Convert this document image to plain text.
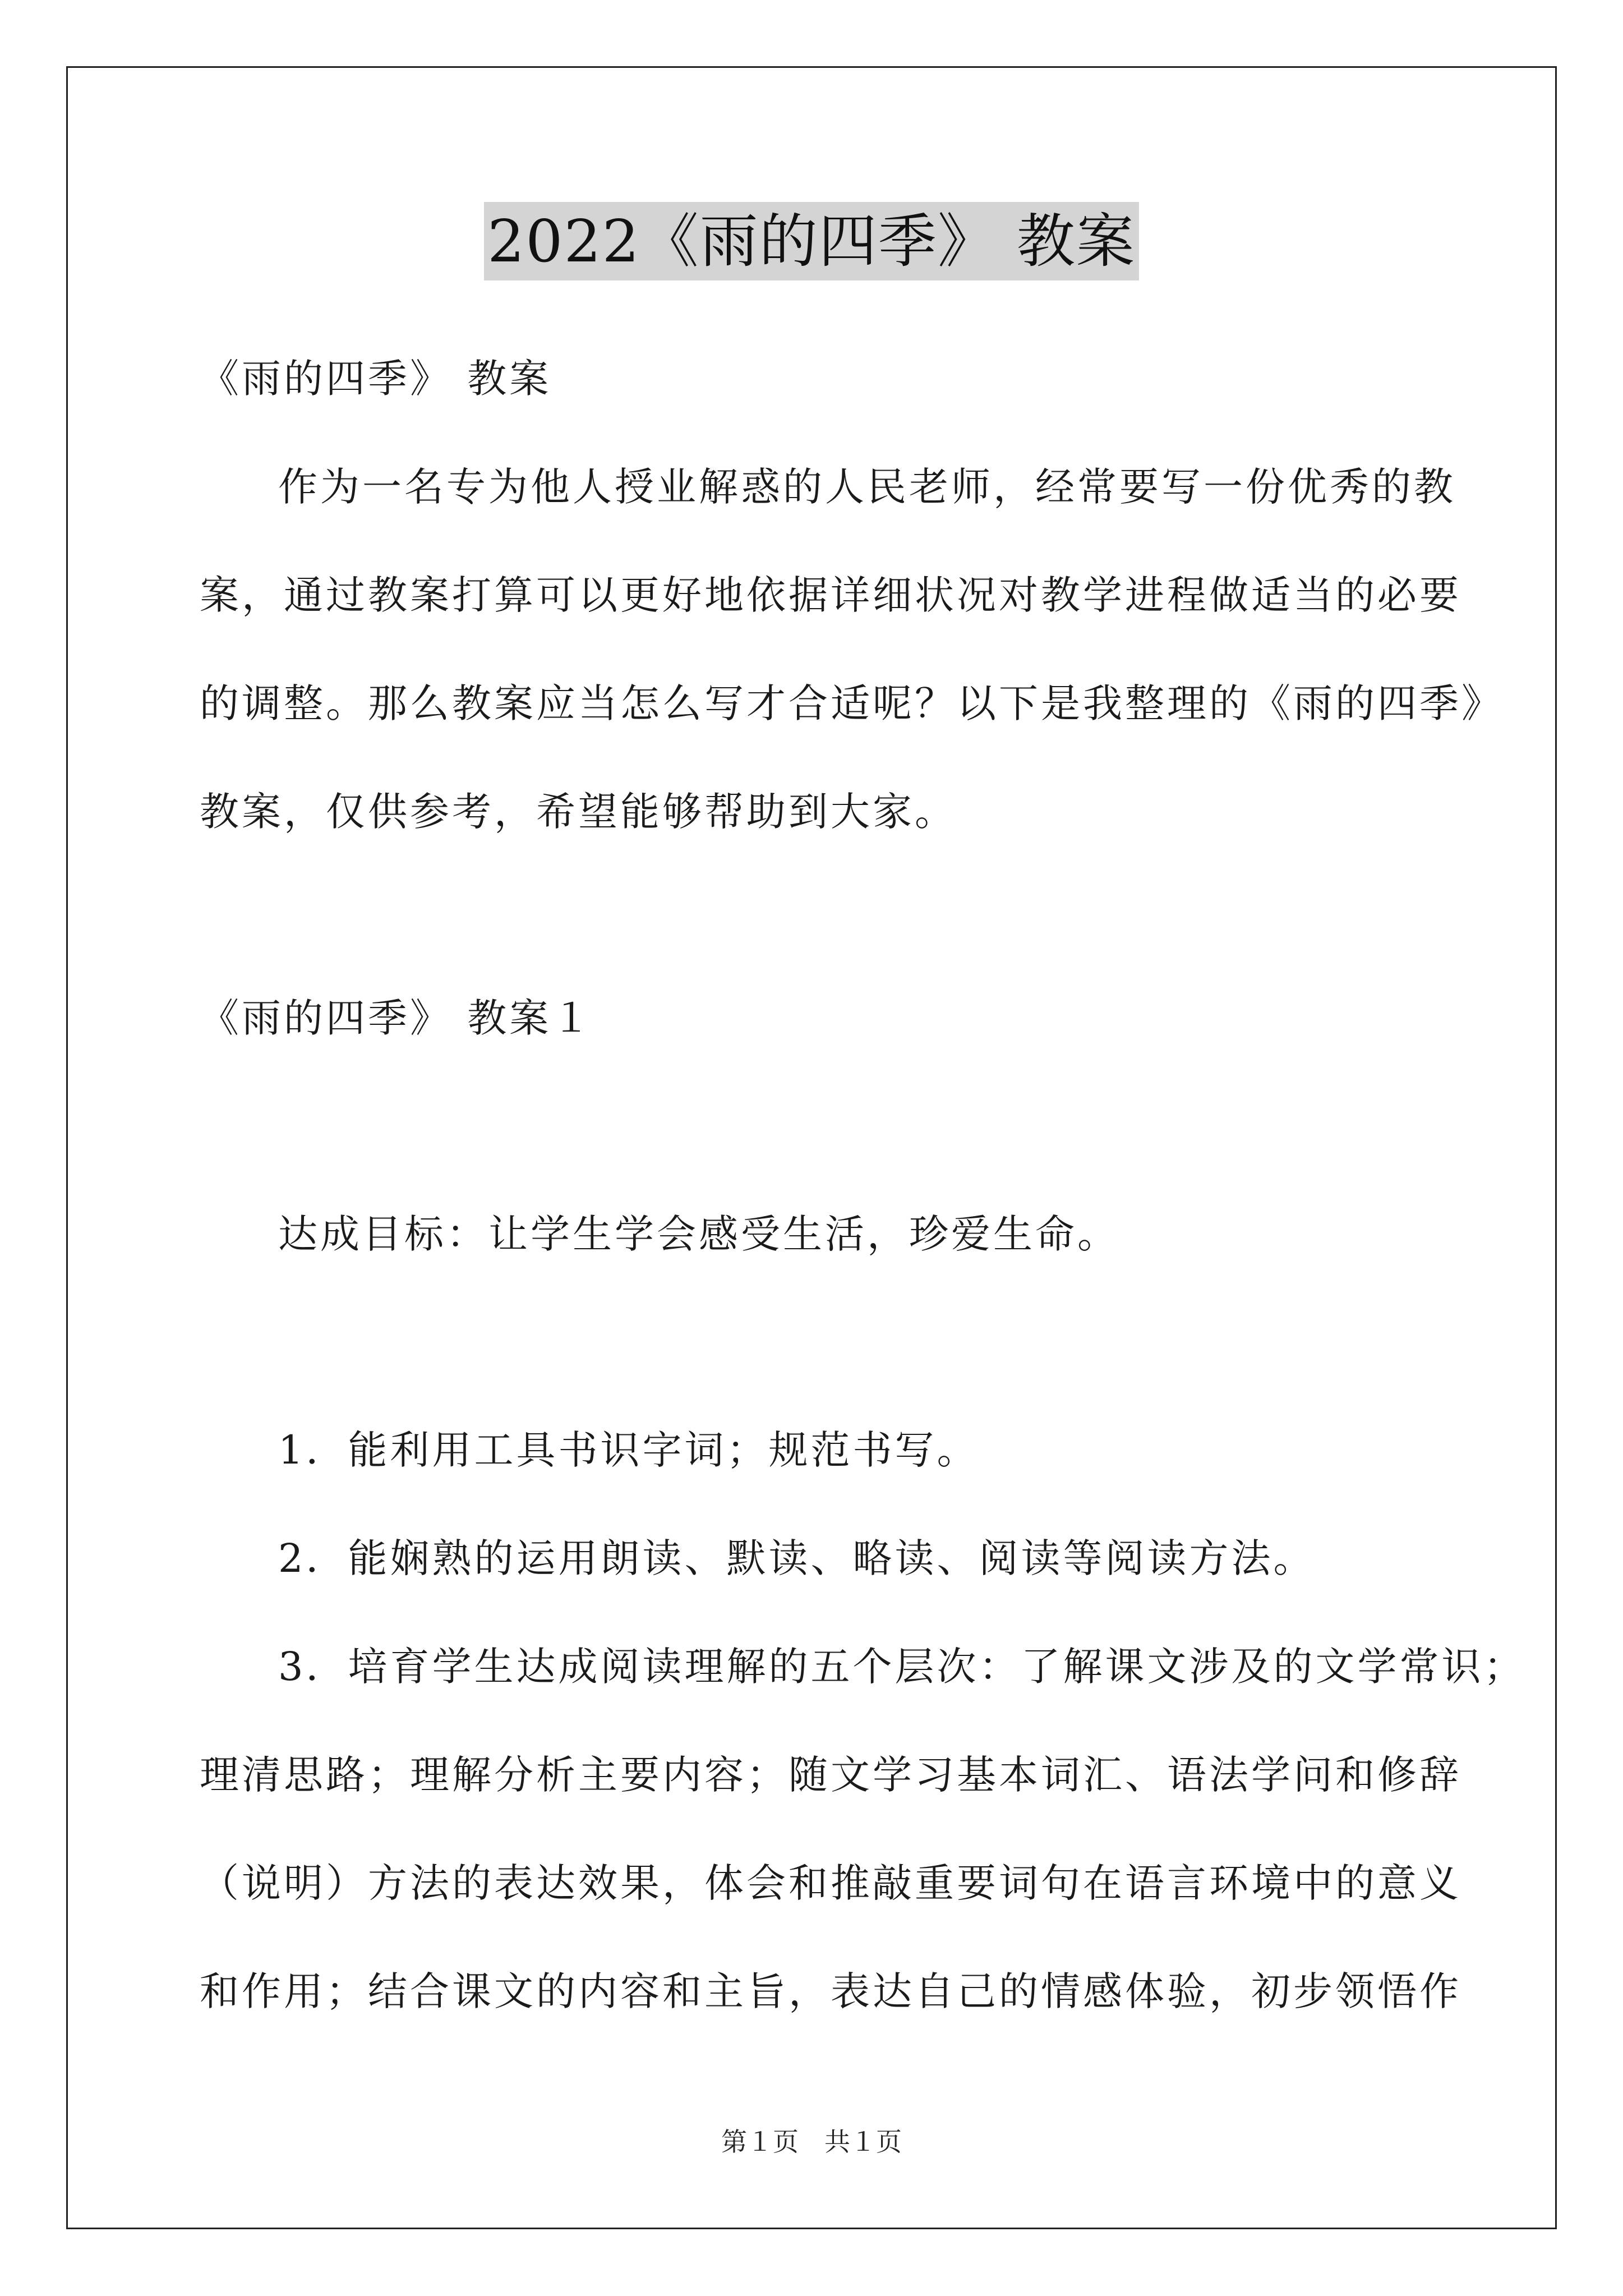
2022《雨的四季》 教案
《雨的四季》 教案
作为一名专为他人授业解惑的人民老师，经常要写一份优秀的教
案，通过教案打算可以更好地依据详细状况对教学进程做适当的必要
的调整。那么教案应当怎么写才合适呢？以下是我整理的《雨的四季》
教案，仅供参考，希望能够帮助到大家。
《雨的四季》 教案１
达成目标：让学生学会感受生活，珍爱生命。
1．能利用工具书识字词；规范书写。
2．能娴熟的运用朗读、默读、略读、阅读等阅读方法。
3．培育学生达成阅读理解的五个层次：了解课文涉及的文学常识；
理清思路；理解分析主要内容；随文学习基本词汇、语法学问和修辞
（说明）方法的表达效果，体会和推敲重要词句在语言环境中的意义
和作用；结合课文的内容和主旨，表达自己的情感体验，初步领悟作
第１页　共１页
